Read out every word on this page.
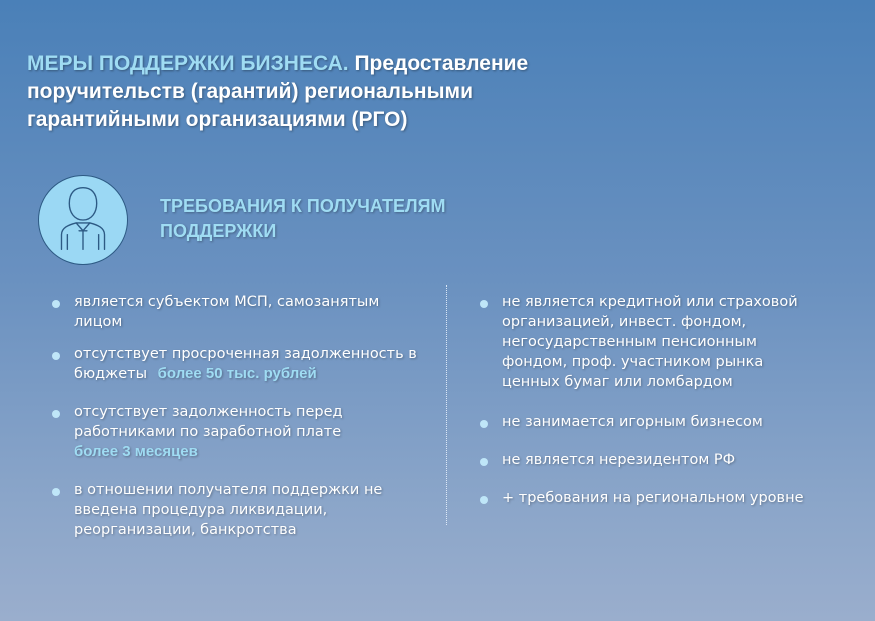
МЕРЫ ПОДДЕРЖКИ БИЗНЕСА. Предоставление поручительств (гарантий) региональными гарантийными организациями (РГО)
ТРЕБОВАНИЯ К ПОЛУЧАТЕЛЯМ
ПОДДЕРЖКИ
является субъектом МСП, самозанятым лицом
отсутствует просроченная задолженность в бюджеты более 50 тыс. рублей
отсутствует задолженность перед работниками по заработной плате
более 3 месяцев
в отношении получателя поддержки не введена процедура ликвидации, реорганизации, банкротства
не является кредитной или страховой организацией, инвест. фондом, негосударственным пенсионным фондом, проф. участником рынка ценных бумаг или ломбардом
не занимается игорным бизнесом
не является нерезидентом РФ
+ требования на региональном уровне
